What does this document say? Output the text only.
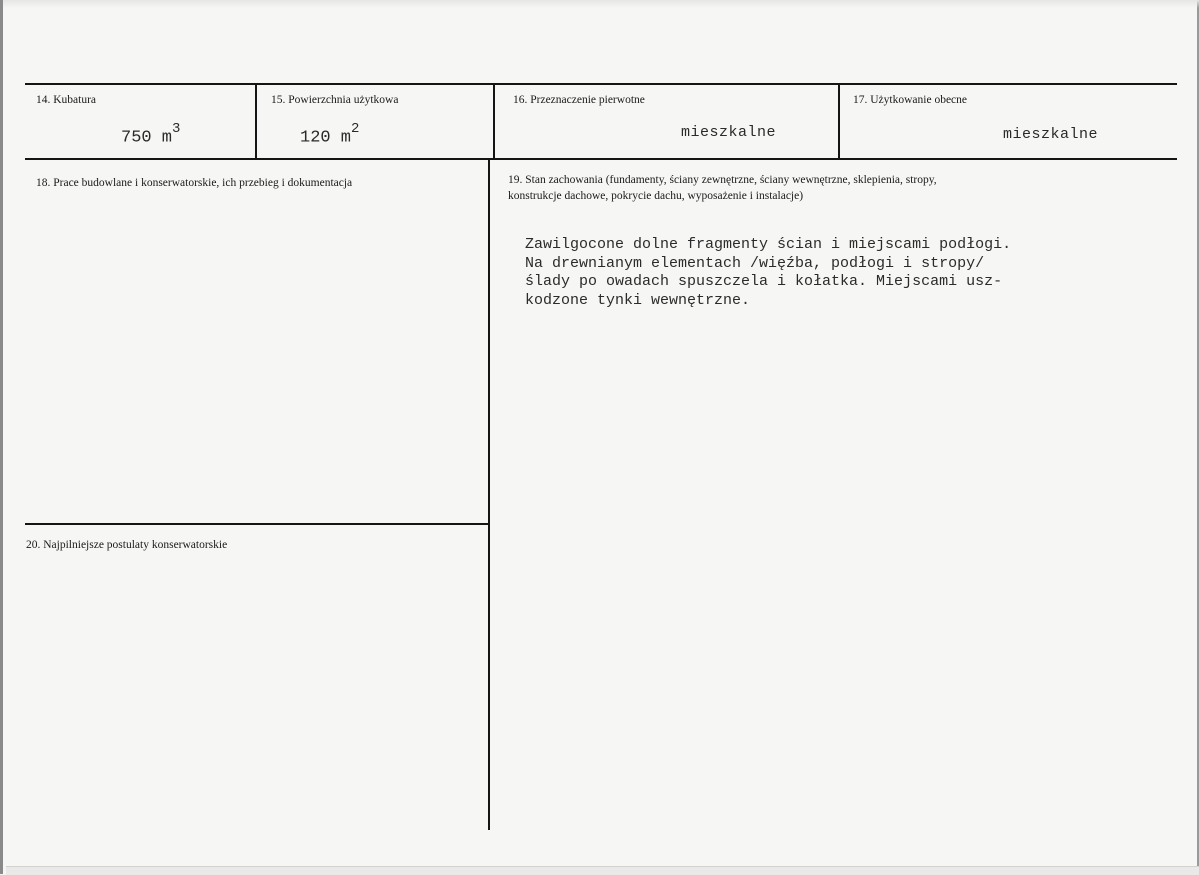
14. Kubatura
750 $m^3$
15. Powierzchnia użytkowa
120 $m^2$
16. Przeznaczenie pierwotne
mieszkalne
17. Użytkowanie obecne
mieszkalne
18. Prace budowlane i konserwatorskie, ich przebieg i dokumentacja	19. Stan zachowania (fundamenty, ściany zewnętrzne, ściany wewnętrzne, sklepienia, stropy,
konstrukcje dachowe, pokrycie dachu, wyposażenie i instalacje)
Zawilgocone dolne fragmenty ścian i miejscami podłogi.
Na drewnianym elementach /więźba, podłogi i stropy/
ślady po owadach spuszczela i kołatka. Miejscami usz-
kodzone tynki wewnętrzne.
20. Najpilniejsze postulaty konserwatorskie
